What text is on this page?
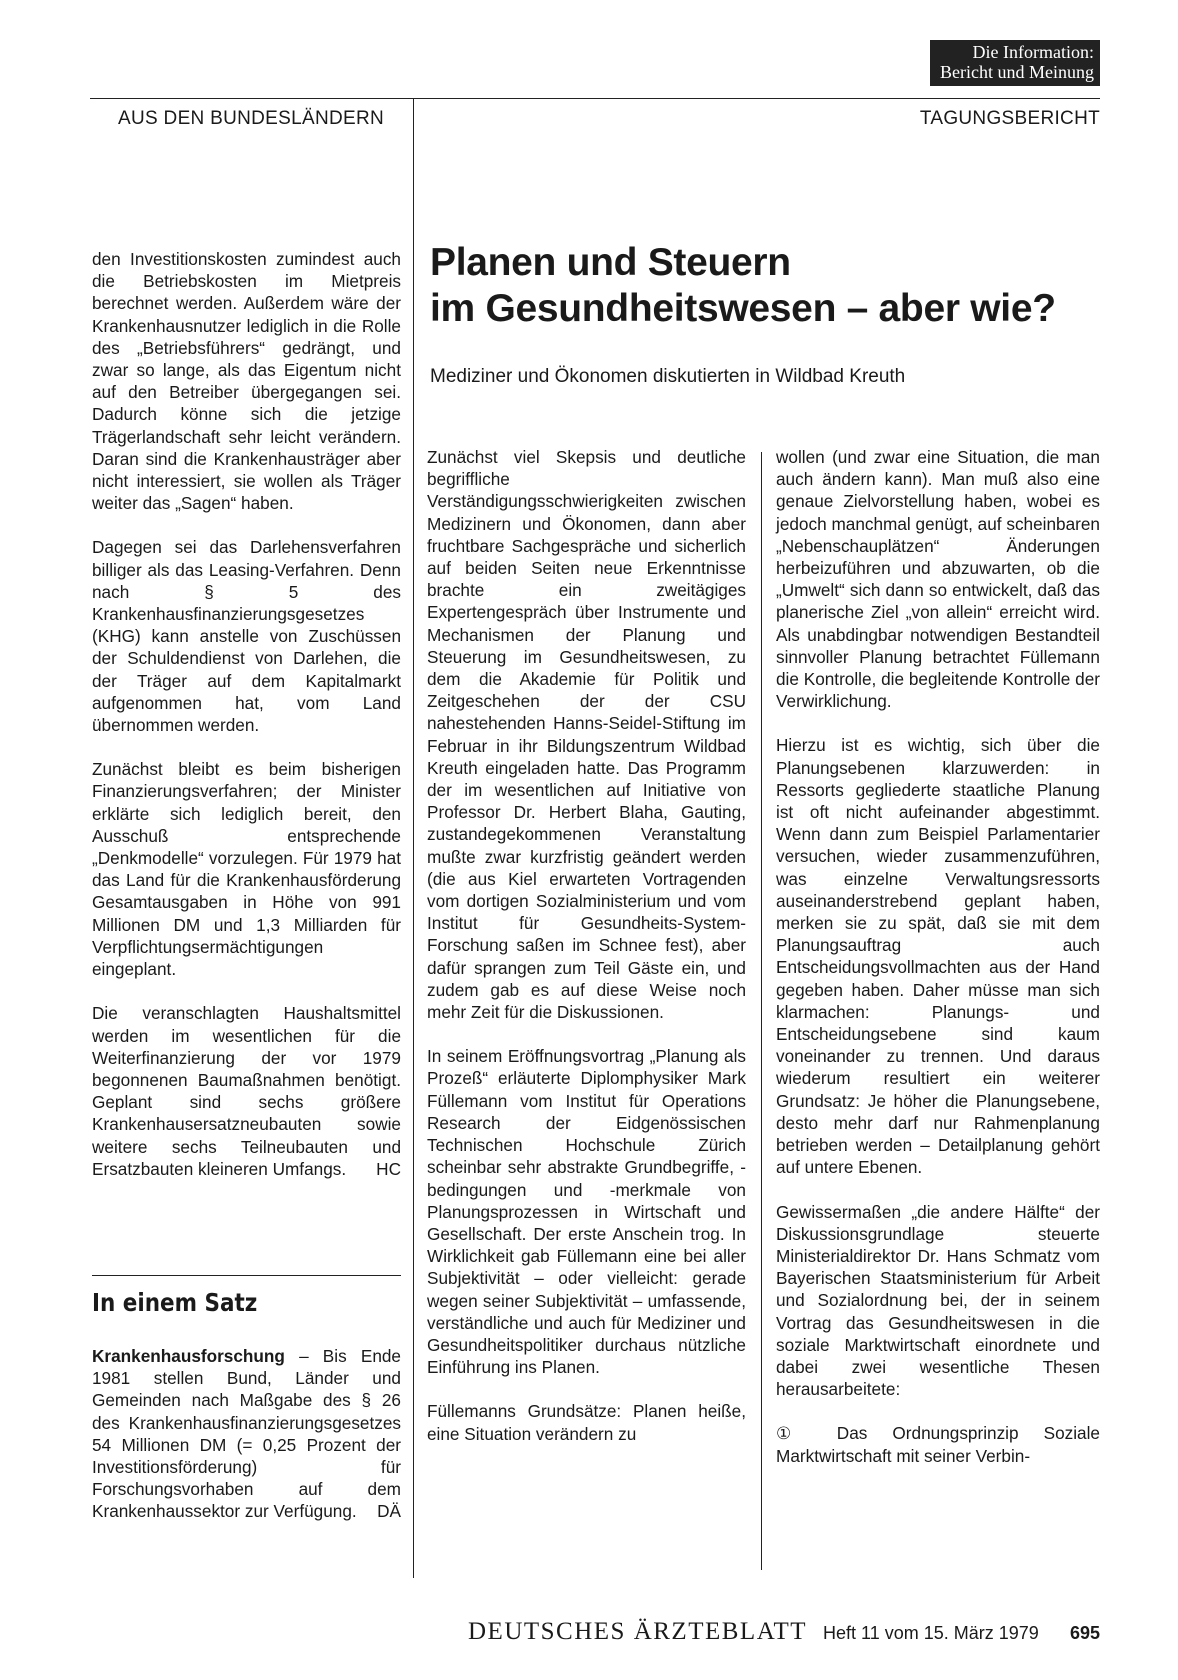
Die Information:
Bericht und Meinung
AUS DEN BUNDESLÄNDERN	TAGUNGSBERICHT
Planen und Steuern
im Gesundheitswesen – aber wie?
Mediziner und Ökonomen diskutierten in Wildbad Kreuth

den Investitionskosten zumindest auch die Betriebskosten im Mietpreis berechnet werden. Außerdem wäre der Krankenhausnutzer lediglich in die Rolle des „Betriebsführers“ gedrängt, und zwar so lange, als das Eigentum nicht auf den Betreiber übergegangen sei. Dadurch könne sich die jetzige Trägerlandschaft sehr leicht verändern. Daran sind die Krankenhausträger aber nicht interessiert, sie wollen als Träger weiter das „Sagen“ haben.

Dagegen sei das Darlehensverfahren billiger als das Leasing-Verfahren. Denn nach § 5 des Krankenhausfinanzierungsgesetzes (KHG) kann anstelle von Zuschüssen der Schuldendienst von Darlehen, die der Träger auf dem Kapitalmarkt aufgenommen hat, vom Land übernommen werden.

Zunächst bleibt es beim bisherigen Finanzierungsverfahren; der Minister erklärte sich lediglich bereit, den Ausschuß entsprechende „Denkmodelle“ vorzulegen. Für 1979 hat das Land für die Krankenhausförderung Gesamtausgaben in Höhe von 991 Millionen DM und 1,3 Milliarden für Verpflichtungsermächtigungen eingeplant.

Die veranschlagten Haushaltsmittel werden im wesentlichen für die Weiterfinanzierung der vor 1979 begonnenen Baumaßnahmen benötigt. Geplant sind sechs größere Krankenhausersatzneubauten sowie weitere sechs Teilneubauten und Ersatzbauten kleineren Umfangs. HC

In einem Satz

Krankenhausforschung – Bis Ende 1981 stellen Bund, Länder und Gemeinden nach Maßgabe des § 26 des Krankenhausfinanzierungsgesetzes 54 Millionen DM (= 0,25 Prozent der Investitionsförderung) für Forschungsvorhaben auf dem Krankenhaussektor zur Verfügung. DÄ

Zunächst viel Skepsis und deutliche begriffliche Verständigungsschwierigkeiten zwischen Medizinern und Ökonomen, dann aber fruchtbare Sachgespräche und sicherlich auf beiden Seiten neue Erkenntnisse brachte ein zweitägiges Expertengespräch über Instrumente und Mechanismen der Planung und Steuerung im Gesundheitswesen, zu dem die Akademie für Politik und Zeitgeschehen der der CSU nahestehenden Hanns-Seidel-Stiftung im Februar in ihr Bildungszentrum Wildbad Kreuth eingeladen hatte. Das Programm der im wesentlichen auf Initiative von Professor Dr. Herbert Blaha, Gauting, zustandegekommenen Veranstaltung mußte zwar kurzfristig geändert werden (die aus Kiel erwarteten Vortragenden vom dortigen Sozialministerium und vom Institut für Gesundheits-System-Forschung saßen im Schnee fest), aber dafür sprangen zum Teil Gäste ein, und zudem gab es auf diese Weise noch mehr Zeit für die Diskussionen.

In seinem Eröffnungsvortrag „Planung als Prozeß“ erläuterte Diplomphysiker Mark Füllemann vom Institut für Operations Research der Eidgenössischen Technischen Hochschule Zürich scheinbar sehr abstrakte Grundbegriffe, -bedingungen und -merkmale von Planungsprozessen in Wirtschaft und Gesellschaft. Der erste Anschein trog. In Wirklichkeit gab Füllemann eine bei aller Subjektivität – oder vielleicht: gerade wegen seiner Subjektivität – umfassende, verständliche und auch für Mediziner und Gesundheitspolitiker durchaus nützliche Einführung ins Planen.

Füllemanns Grundsätze: Planen heiße, eine Situation verändern zu

wollen (und zwar eine Situation, die man auch ändern kann). Man muß also eine genaue Zielvorstellung haben, wobei es jedoch manchmal genügt, auf scheinbaren „Nebenschauplätzen“ Änderungen herbeizuführen und abzuwarten, ob die „Umwelt“ sich dann so entwickelt, daß das planerische Ziel „von allein“ erreicht wird. Als unabdingbar notwendigen Bestandteil sinnvoller Planung betrachtet Füllemann die Kontrolle, die begleitende Kontrolle der Verwirklichung.

Hierzu ist es wichtig, sich über die Planungsebenen klarzuwerden: in Ressorts gegliederte staatliche Planung ist oft nicht aufeinander abgestimmt. Wenn dann zum Beispiel Parlamentarier versuchen, wieder zusammenzuführen, was einzelne Verwaltungsressorts auseinanderstrebend geplant haben, merken sie zu spät, daß sie mit dem Planungsauftrag auch Entscheidungsvollmachten aus der Hand gegeben haben. Daher müsse man sich klarmachen: Planungs- und Entscheidungsebene sind kaum voneinander zu trennen. Und daraus wiederum resultiert ein weiterer Grundsatz: Je höher die Planungsebene, desto mehr darf nur Rahmenplanung betrieben werden – Detailplanung gehört auf untere Ebenen.

Gewissermaßen „die andere Hälfte“ der Diskussionsgrundlage steuerte Ministerialdirektor Dr. Hans Schmatz vom Bayerischen Staatsministerium für Arbeit und Sozialordnung bei, der in seinem Vortrag das Gesundheitswesen in die soziale Marktwirtschaft einordnete und dabei zwei wesentliche Thesen herausarbeitete:

① Das Ordnungsprinzip Soziale Marktwirtschaft mit seiner Verbin-

DEUTSCHES ÄRZTEBLATT Heft 11 vom 15. März 1979 695
